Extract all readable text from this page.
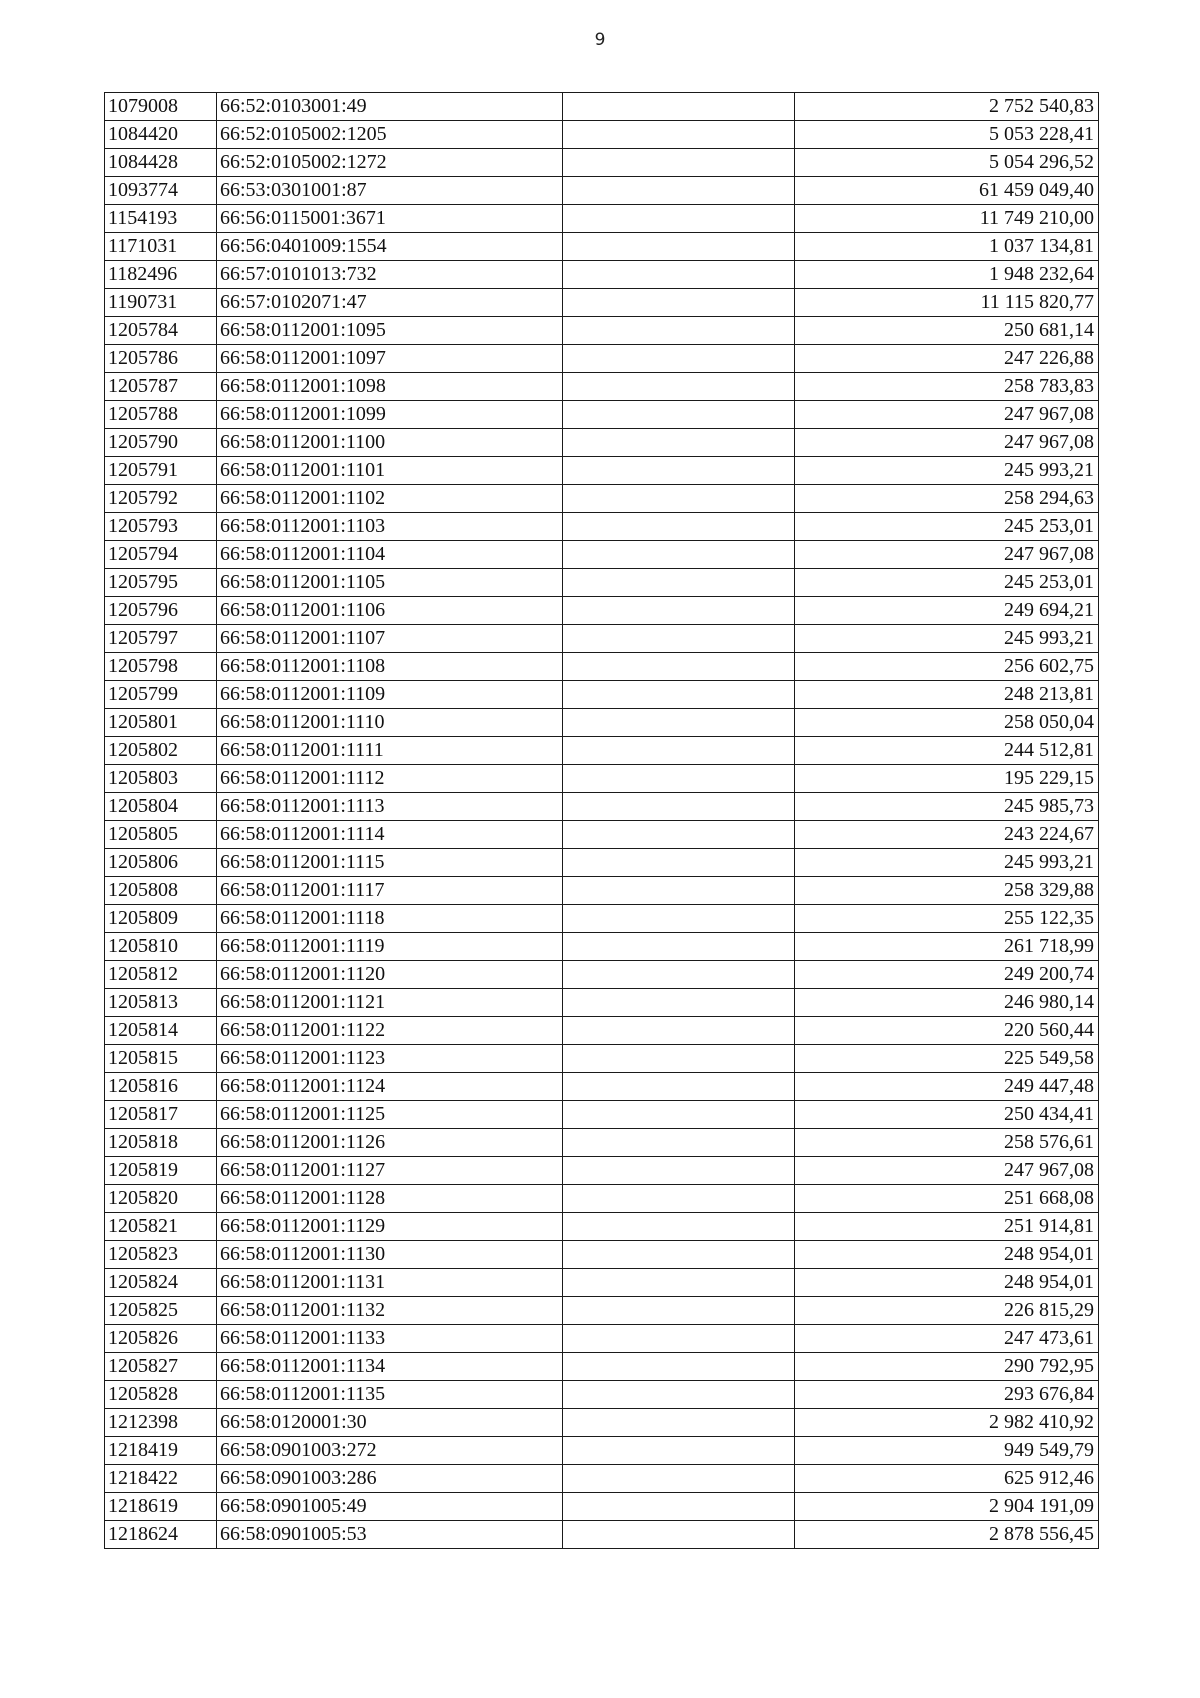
9
1079008	66:52:0103001:49		2 752 540,83
1084420	66:52:0105002:1205		5 053 228,41
1084428	66:52:0105002:1272		5 054 296,52
1093774	66:53:0301001:87		61 459 049,40
1154193	66:56:0115001:3671		11 749 210,00
1171031	66:56:0401009:1554		1 037 134,81
1182496	66:57:0101013:732		1 948 232,64
1190731	66:57:0102071:47		11 115 820,77
1205784	66:58:0112001:1095		250 681,14
1205786	66:58:0112001:1097		247 226,88
1205787	66:58:0112001:1098		258 783,83
1205788	66:58:0112001:1099		247 967,08
1205790	66:58:0112001:1100		247 967,08
1205791	66:58:0112001:1101		245 993,21
1205792	66:58:0112001:1102		258 294,63
1205793	66:58:0112001:1103		245 253,01
1205794	66:58:0112001:1104		247 967,08
1205795	66:58:0112001:1105		245 253,01
1205796	66:58:0112001:1106		249 694,21
1205797	66:58:0112001:1107		245 993,21
1205798	66:58:0112001:1108		256 602,75
1205799	66:58:0112001:1109		248 213,81
1205801	66:58:0112001:1110		258 050,04
1205802	66:58:0112001:1111		244 512,81
1205803	66:58:0112001:1112		195 229,15
1205804	66:58:0112001:1113		245 985,73
1205805	66:58:0112001:1114		243 224,67
1205806	66:58:0112001:1115		245 993,21
1205808	66:58:0112001:1117		258 329,88
1205809	66:58:0112001:1118		255 122,35
1205810	66:58:0112001:1119		261 718,99
1205812	66:58:0112001:1120		249 200,74
1205813	66:58:0112001:1121		246 980,14
1205814	66:58:0112001:1122		220 560,44
1205815	66:58:0112001:1123		225 549,58
1205816	66:58:0112001:1124		249 447,48
1205817	66:58:0112001:1125		250 434,41
1205818	66:58:0112001:1126		258 576,61
1205819	66:58:0112001:1127		247 967,08
1205820	66:58:0112001:1128		251 668,08
1205821	66:58:0112001:1129		251 914,81
1205823	66:58:0112001:1130		248 954,01
1205824	66:58:0112001:1131		248 954,01
1205825	66:58:0112001:1132		226 815,29
1205826	66:58:0112001:1133		247 473,61
1205827	66:58:0112001:1134		290 792,95
1205828	66:58:0112001:1135		293 676,84
1212398	66:58:0120001:30		2 982 410,92
1218419	66:58:0901003:272		949 549,79
1218422	66:58:0901003:286		625 912,46
1218619	66:58:0901005:49		2 904 191,09
1218624	66:58:0901005:53		2 878 556,45
